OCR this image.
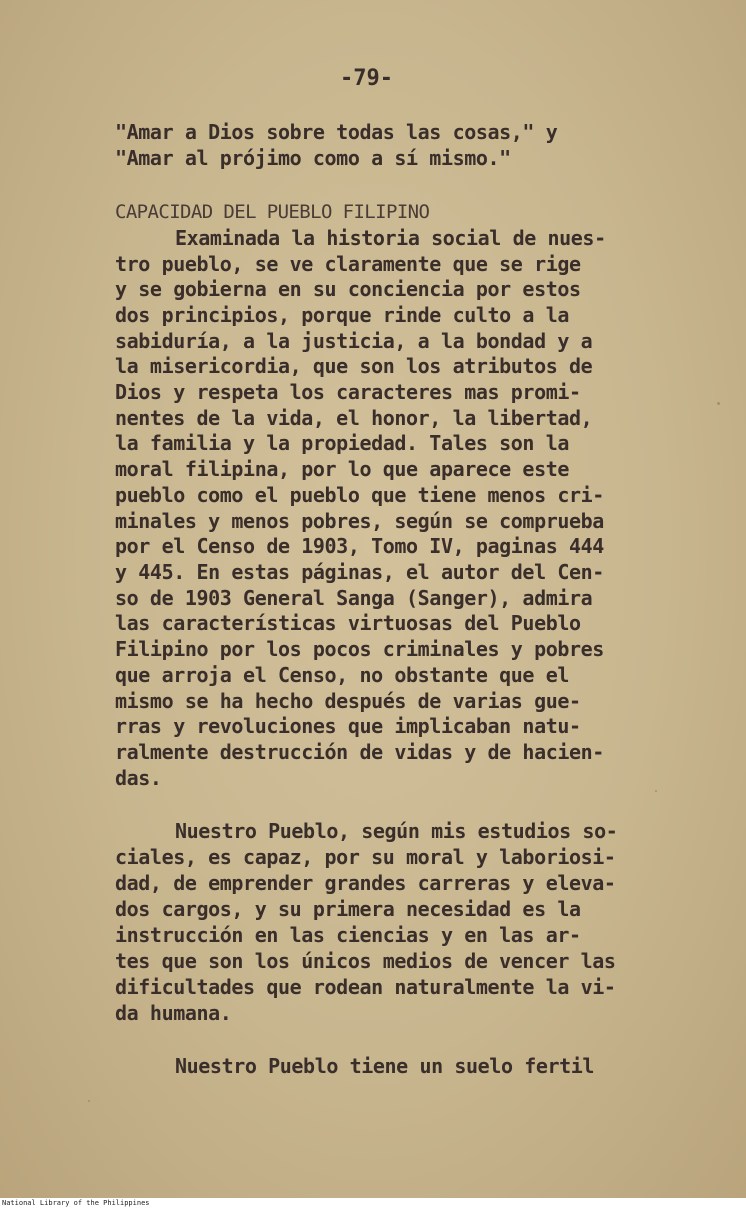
-79-
"Amar a Dios sobre todas las cosas," y
"Amar al prójimo como a sí mismo."
CAPACIDAD DEL PUEBLO FILIPINO
Examinada la historia social de nues-
tro pueblo, se ve claramente que se rige
y se gobierna en su conciencia por estos
dos principios, porque rinde culto a la
sabiduría, a la justicia, a la bondad y a
la misericordia, que son los atributos de
Dios y respeta los caracteres mas promi-
nentes de la vida, el honor, la libertad,
la familia y la propiedad. Tales son la
moral filipina, por lo que aparece este
pueblo como el pueblo que tiene menos cri-
minales y menos pobres, según se comprueba
por el Censo de 1903, Tomo IV, paginas 444
y 445. En estas páginas, el autor del Cen-
so de 1903 General Sanga (Sanger), admira
las características virtuosas del Pueblo
Filipino por los pocos criminales y pobres
que arroja el Censo, no obstante que el
mismo se ha hecho después de varias gue-
rras y revoluciones que implicaban natu-
ralmente destrucción de vidas y de hacien-
das.
Nuestro Pueblo, según mis estudios so-
ciales, es capaz, por su moral y laboriosi-
dad, de emprender grandes carreras y eleva-
dos cargos, y su primera necesidad es la
instrucción en las ciencias y en las ar-
tes que son los únicos medios de vencer las
dificultades que rodean naturalmente la vi-
da humana.
Nuestro Pueblo tiene un suelo fertil
National Library of the Philippines
